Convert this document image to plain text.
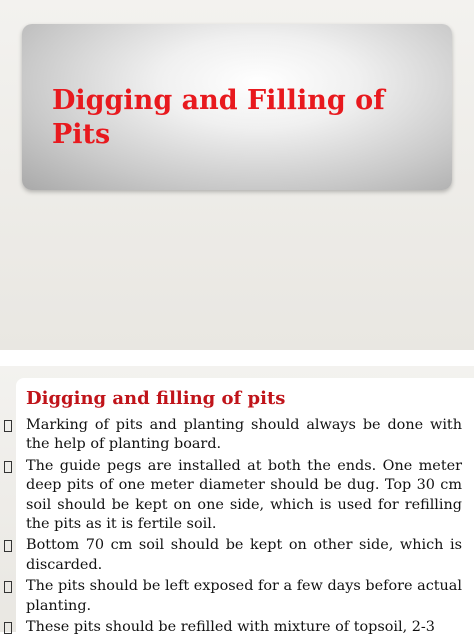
Digging and Filling of Pits
Digging and filling of pits
Marking of pits and planting should always be done with the help of planting board.
The guide pegs are installed at both the ends. One meter deep pits of one meter diameter should be dug. Top 30 cm soil should be kept on one side, which is used for refilling the pits as it is fertile soil.
Bottom 70 cm soil should be kept on other side, which is discarded.
The pits should be left exposed for a few days before actual planting.
These pits should be refilled with mixture of topsoil, 2-3
